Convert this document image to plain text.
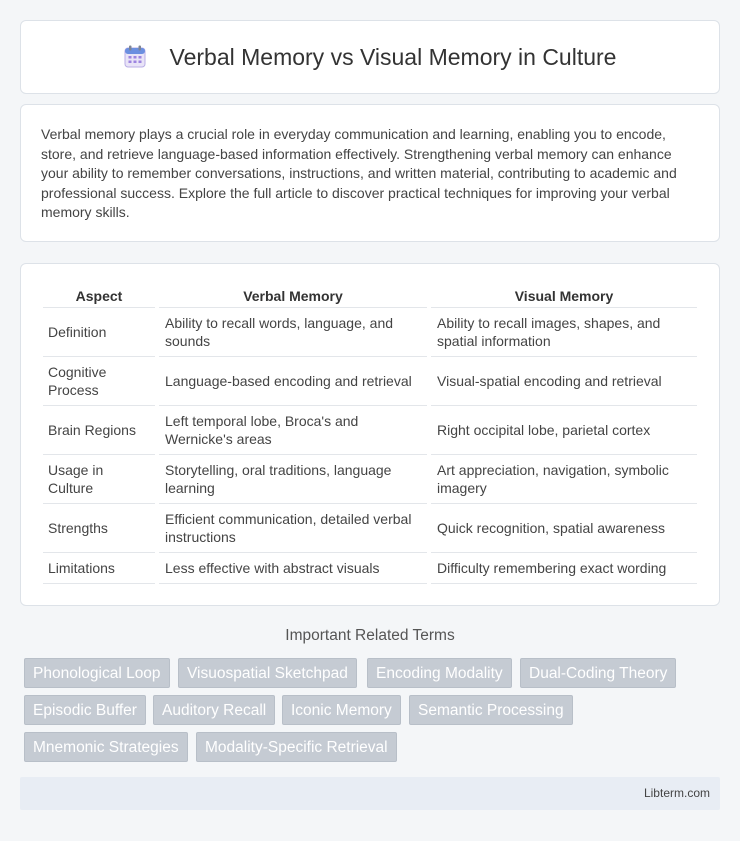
Verbal Memory vs Visual Memory in Culture

Verbal memory plays a crucial role in everyday communication and learning, enabling you to encode, store, and retrieve language-based information effectively. Strengthening verbal memory can enhance your ability to remember conversations, instructions, and written material, contributing to academic and professional success. Explore the full article to discover practical techniques for improving your verbal memory skills.

Aspect		Verbal Memory		Visual Memory
Definition		Ability to recall words, language, and sounds		Ability to recall images, shapes, and spatial information
Cognitive Process		Language-based encoding and retrieval		Visual-spatial encoding and retrieval
Brain Regions		Left temporal lobe, Broca's and Wernicke's areas		Right occipital lobe, parietal cortex
Usage in Culture		Storytelling, oral traditions, language learning		Art appreciation, navigation, symbolic imagery
Strengths		Efficient communication, detailed verbal instructions		Quick recognition, spatial awareness
Limitations		Less effective with abstract visuals		Difficulty remembering exact wording
Important Related Terms
Phonological Loop	Visuospatial Sketchpad	Encoding Modality	Dual-Coding Theory
Episodic Buffer	Auditory Recall	Iconic Memory	Semantic Processing
Mnemonic Strategies	Modality-Specific Retrieval
Libterm.com
